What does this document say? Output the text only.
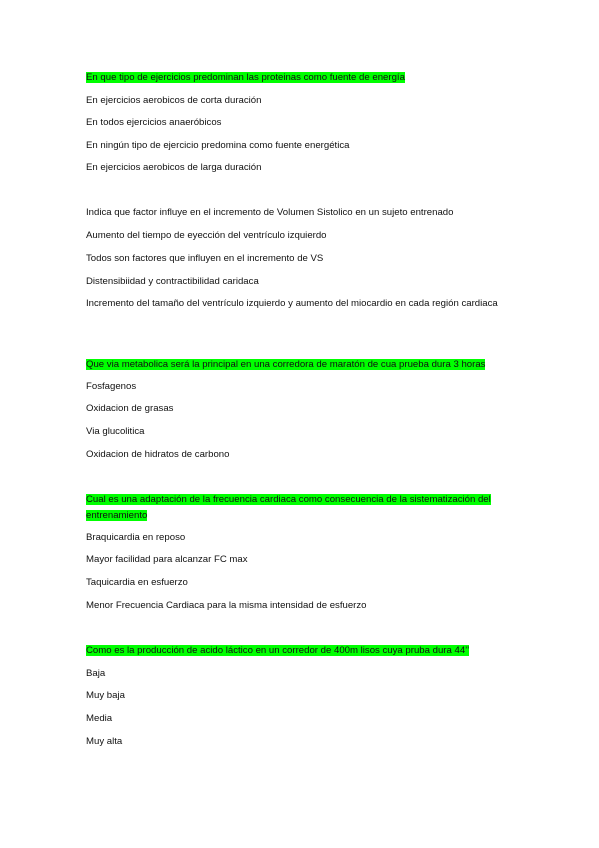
En que tipo de ejercicios predominan las proteinas como fuente de energía
En ejercicios aerobicos de corta duración
En todos ejercicios anaeróbicos
En ningún tipo de ejercicio predomina como fuente energética
En ejercicios aerobicos de larga duración
Indica que factor influye en el incremento de Volumen Sistolico en un sujeto entrenado
Aumento del tiempo de eyección del ventrículo izquierdo
Todos son factores que influyen en el incremento de VS
Distensibiidad y contractibilidad caridaca
Incremento del tamaño del ventrículo izquierdo y aumento del miocardio en cada región cardiaca
Que via metabolica será la principal en una corredora de maratón de cua prueba dura 3 horas
Fosfagenos
Oxidacion de grasas
Via glucolitica
Oxidacion de hidratos de carbono
Cual es una adaptación de la frecuencia cardiaca como consecuencia de la sistematización del entrenamiento
Braquicardia en reposo
Mayor facilidad para alcanzar FC max
Taquicardia en esfuerzo
Menor Frecuencia Cardiaca para la misma intensidad de esfuerzo
Como es la producción de acido láctico en un corredor de 400m lisos cuya pruba dura 44’’
Baja
Muy baja
Media
Muy alta
